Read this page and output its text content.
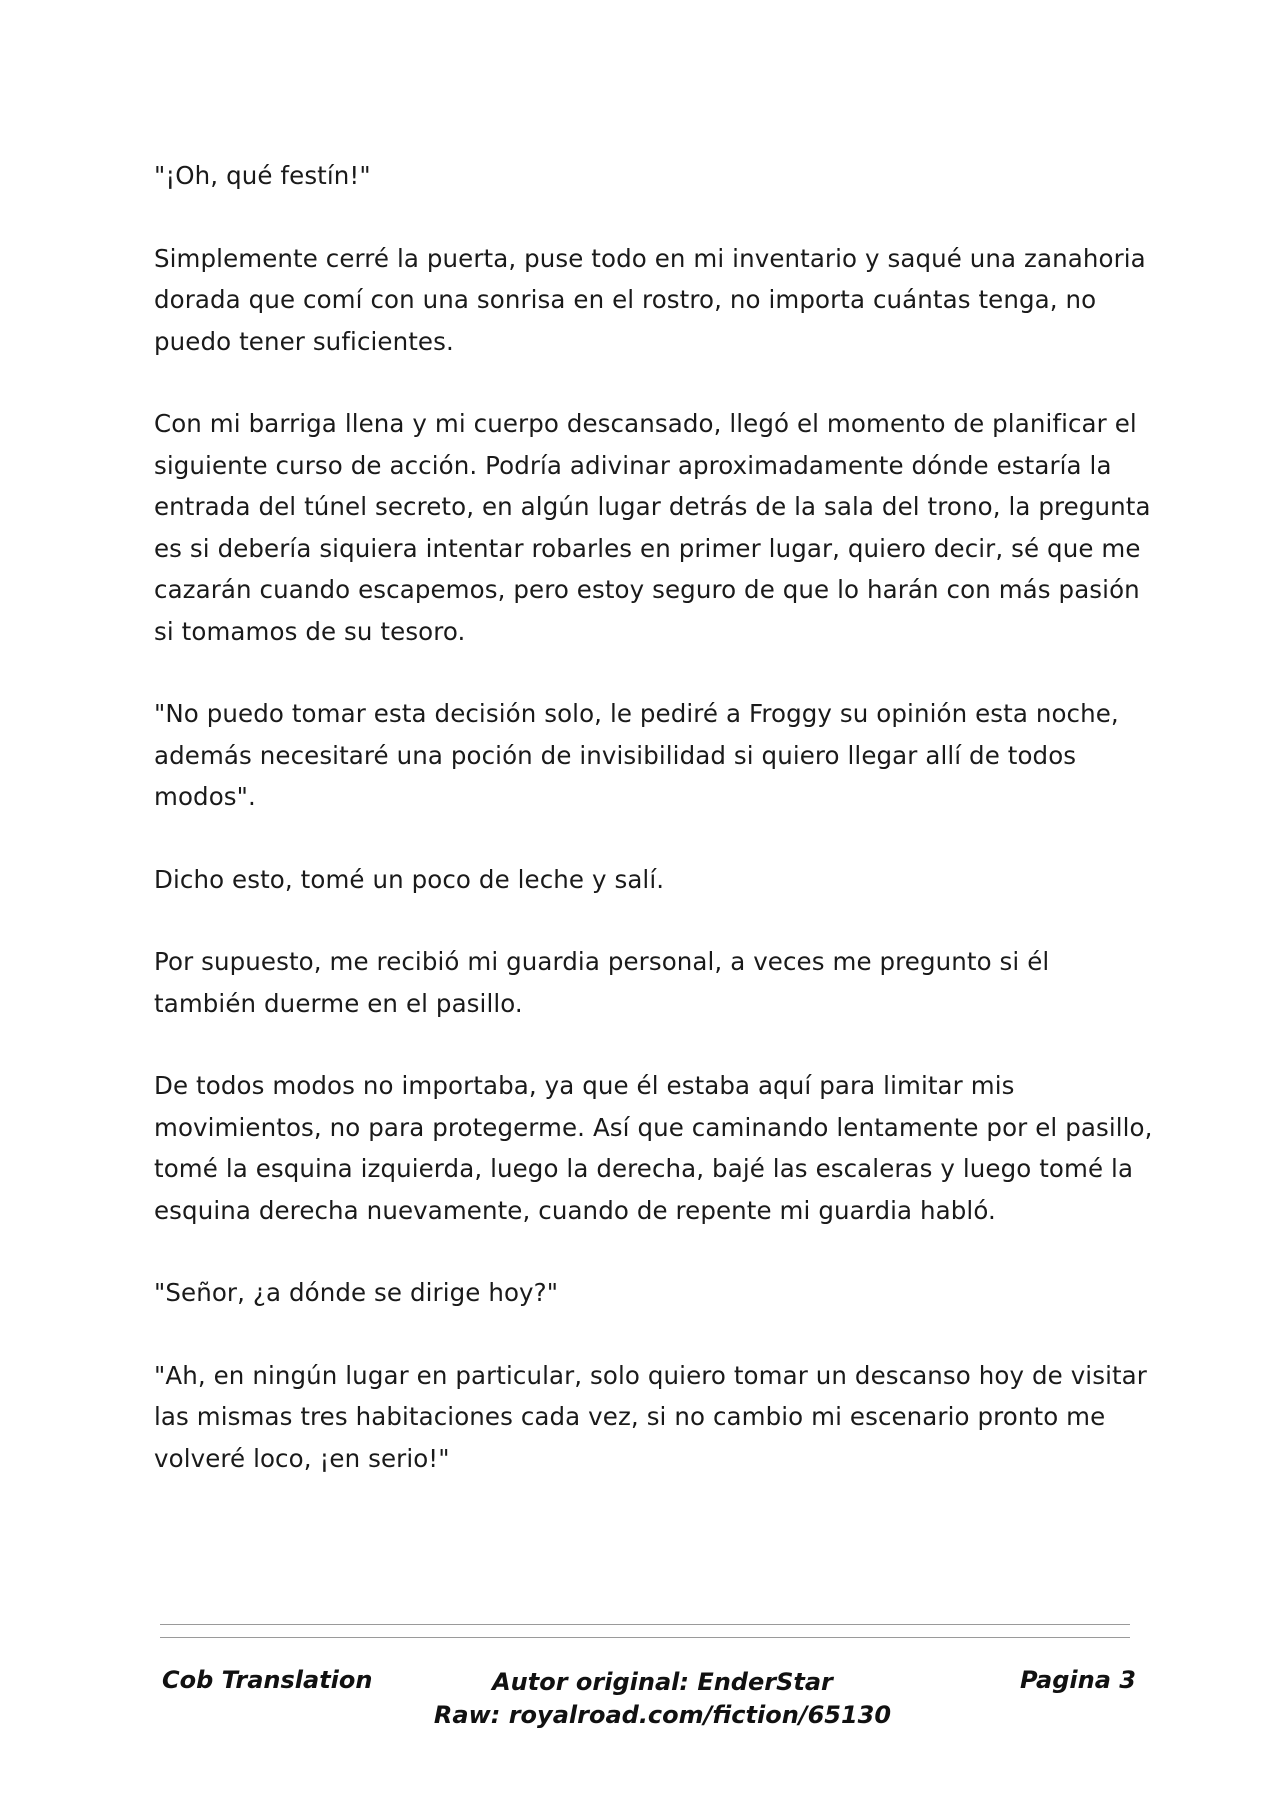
"¡Oh, qué festín!"

Simplemente cerré la puerta, puse todo en mi inventario y saqué una zanahoria dorada que comí con una sonrisa en el rostro, no importa cuántas tenga, no puedo tener suficientes.

Con mi barriga llena y mi cuerpo descansado, llegó el momento de planificar el siguiente curso de acción. Podría adivinar aproximadamente dónde estaría la entrada del túnel secreto, en algún lugar detrás de la sala del trono, la pregunta es si debería siquiera intentar robarles en primer lugar, quiero decir, sé que me cazarán cuando escapemos, pero estoy seguro de que lo harán con más pasión si tomamos de su tesoro.

"No puedo tomar esta decisión solo, le pediré a Froggy su opinión esta noche, además necesitaré una poción de invisibilidad si quiero llegar allí de todos modos".

Dicho esto, tomé un poco de leche y salí.

Por supuesto, me recibió mi guardia personal, a veces me pregunto si él también duerme en el pasillo.

De todos modos no importaba, ya que él estaba aquí para limitar mis movimientos, no para protegerme. Así que caminando lentamente por el pasillo, tomé la esquina izquierda, luego la derecha, bajé las escaleras y luego tomé la esquina derecha nuevamente, cuando de repente mi guardia habló.

"Señor, ¿a dónde se dirige hoy?"

"Ah, en ningún lugar en particular, solo quiero tomar un descanso hoy de visitar las mismas tres habitaciones cada vez, si no cambio mi escenario pronto me volveré loco, ¡en serio!"

Cob Translation	Autor original: EnderStar
Raw: royalroad.com/fiction/65130
Pagina 3
